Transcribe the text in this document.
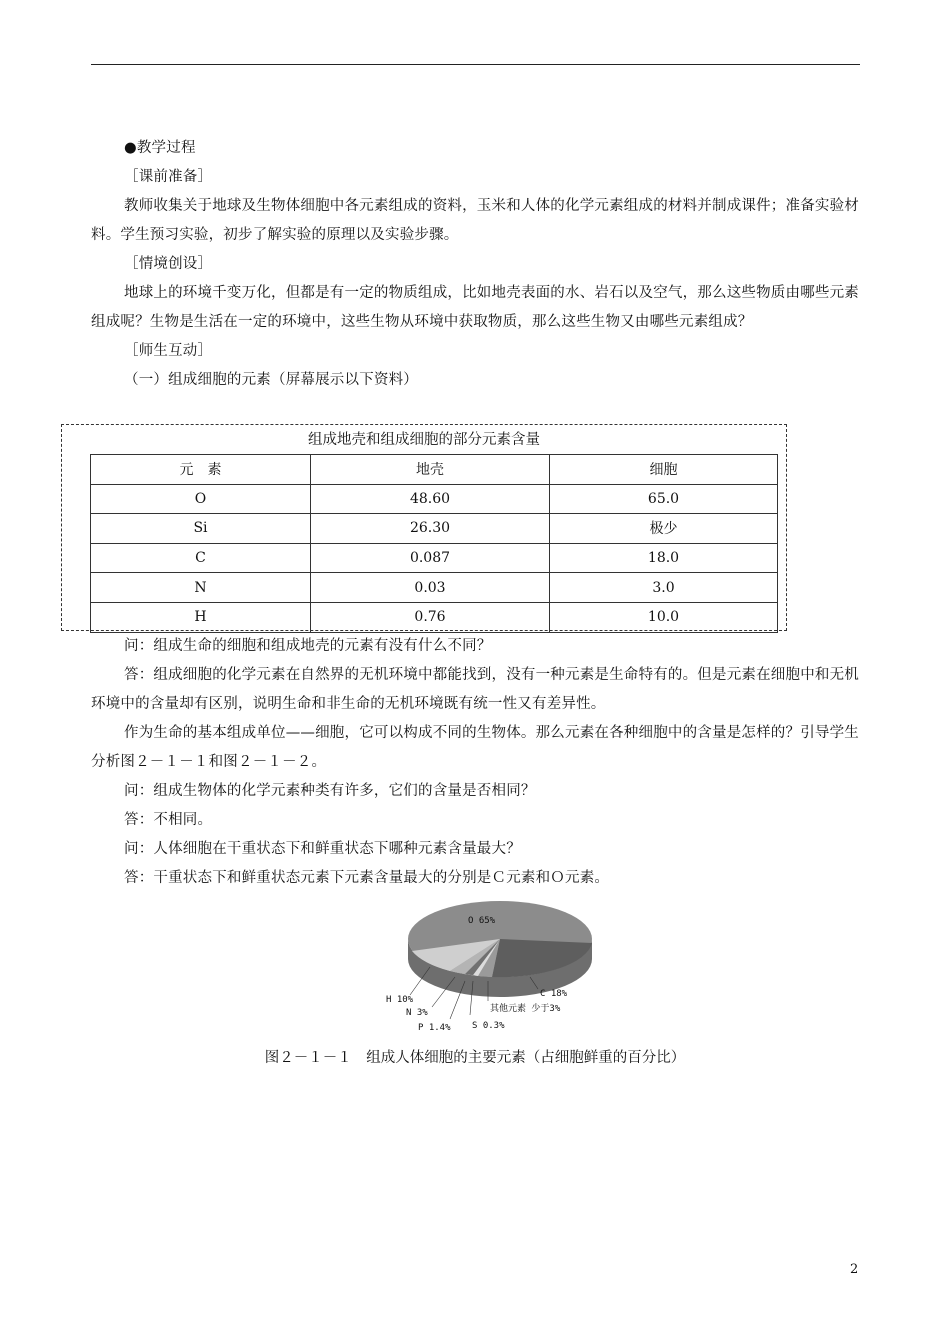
●教学过程

［课前准备］

教师收集关于地球及生物体细胞中各元素组成的资料，玉米和人体的化学元素组成的材料并制成课件；准备实验材料。学生预习实验，初步了解实验的原理以及实验步骤。

［情境创设］

地球上的环境千变万化，但都是有一定的物质组成，比如地壳表面的水、岩石以及空气，那么这些物质由哪些元素组成呢？生物是生活在一定的环境中，这些生物从环境中获取物质，那么这些生物又由哪些元素组成？

［师生互动］

（一）组成细胞的元素（屏幕展示以下资料）

组成地壳和组成细胞的部分元素含量
元　素	地壳	细胞
O	48.60	65.0
Si	26.30	极少
C	0.087	18.0
N	0.03	3.0
H	0.76	10.0

问：组成生命的细胞和组成地壳的元素有没有什么不同？

答：组成细胞的化学元素在自然界的无机环境中都能找到，没有一种元素是生命特有的。但是元素在细胞中和无机环境中的含量却有区别，说明生命和非生命的无机环境既有统一性又有差异性。

作为生命的基本组成单位——细胞，它可以构成不同的生物体。那么元素在各种细胞中的含量是怎样的？引导学生分析图２－１－１和图２－１－２。

问：组成生物体的化学元素种类有许多，它们的含量是否相同？

答：不相同。

问：人体细胞在干重状态下和鲜重状态下哪种元素含量最大？

答：干重状态下和鲜重状态元素下元素含量最大的分别是Ｃ元素和Ｏ元素。

O 65%
C 18%
其他元素 少于3%
S 0.3%
P 1.4%
N 3%
H 10%
图２－１－１　组成人体细胞的主要元素（占细胞鲜重的百分比）
2
